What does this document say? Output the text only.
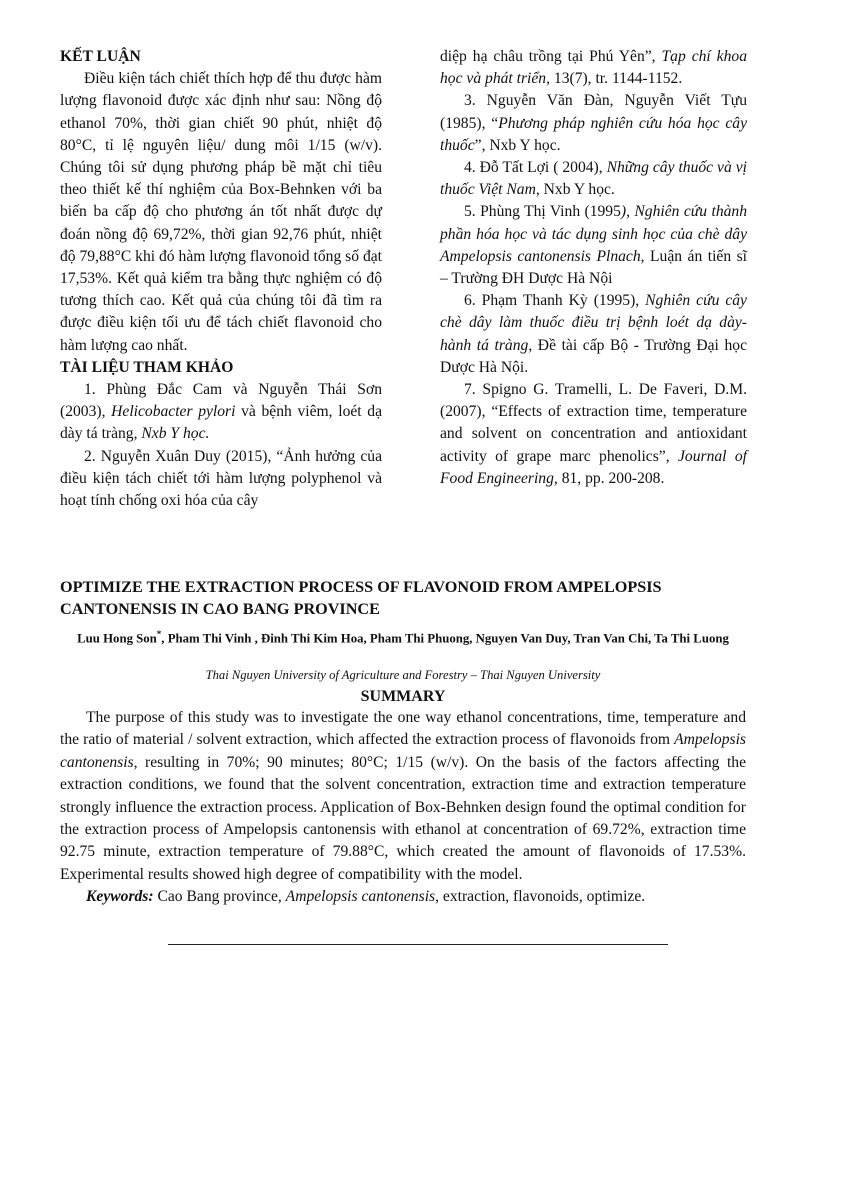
KẾT LUẬN

Điều kiện tách chiết thích hợp để thu được hàm lượng flavonoid được xác định như sau: Nồng độ ethanol 70%, thời gian chiết 90 phút, nhiệt độ 80°C, tỉ lệ nguyên liệu/ dung môi 1/15 (w/v). Chúng tôi sử dụng phương pháp bề mặt chỉ tiêu theo thiết kế thí nghiệm của Box-Behnken với ba biến ba cấp độ cho phương án tốt nhất được dự đoán nồng độ 69,72%, thời gian 92,76 phút, nhiệt độ 79,88°C khi đó hàm lượng flavonoid tổng số đạt 17,53%. Kết quả kiểm tra bằng thực nghiệm có độ tương thích cao. Kết quả của chúng tôi đã tìm ra được điều kiện tối ưu để tách chiết flavonoid cho hàm lượng cao nhất.

TÀI LIỆU THAM KHẢO

1. Phùng Đắc Cam và Nguyễn Thái Sơn (2003), Helicobacter pylori và bệnh viêm, loét dạ dày tá tràng, Nxb Y học.

2. Nguyễn Xuân Duy (2015), “Ảnh hưởng của điều kiện tách chiết tới hàm lượng polyphenol và hoạt tính chống oxi hóa của cây

diệp hạ châu trồng tại Phú Yên”, Tạp chí khoa học và phát triển, 13(7), tr. 1144-1152.

3. Nguyễn Văn Đàn, Nguyễn Viết Tựu (1985), “Phương pháp nghiên cứu hóa học cây thuốc”, Nxb Y học.

4. Đỗ Tất Lợi ( 2004), Những cây thuốc và vị thuốc Việt Nam, Nxb Y học.

5. Phùng Thị Vinh (1995), Nghiên cứu thành phần hóa học và tác dụng sinh học của chè dây Ampelopsis cantonensis Plnach, Luận án tiến sĩ – Trường ĐH Dược Hà Nội

6. Phạm Thanh Kỳ (1995), Nghiên cứu cây chè dây làm thuốc điều trị bệnh loét dạ dày- hành tá tràng, Đề tài cấp Bộ - Trường Đại học Dược Hà Nội.

7. Spigno G. Tramelli, L. De Faveri, D.M. (2007), “Effects of extraction time, temperature and solvent on concentration and antioxidant activity of grape marc phenolics”, Journal of Food Engineering, 81, pp. 200-208.

OPTIMIZE THE EXTRACTION PROCESS OF FLAVONOID FROM AMPELOPSIS CANTONENSIS IN CAO BANG PROVINCE
Luu Hong Son*, Pham Thi Vinh , Đinh Thi Kim Hoa, Pham Thi Phuong, Nguyen Van Duy, Tran Van Chi, Ta Thi Luong
Thai Nguyen University of Agriculture and Forestry – Thai Nguyen University
SUMMARY

The purpose of this study was to investigate the one way ethanol concentrations, time, temperature and the ratio of material / solvent extraction, which affected the extraction process of flavonoids from Ampelopsis cantonensis, resulting in 70%; 90 minutes; 80°C; 1/15 (w/v). On the basis of the factors affecting the extraction conditions, we found that the solvent concentration, extraction time and extraction temperature strongly influence the extraction process. Application of Box-Behnken design found the optimal condition for the extraction process of Ampelopsis cantonensis with ethanol at concentration of 69.72%, extraction time 92.75 minute, extraction temperature of 79.88°C, which created the amount of flavonoids of 17.53%. Experimental results showed high degree of compatibility with the model.

Keywords: Cao Bang province, Ampelopsis cantonensis, extraction, flavonoids, optimize.
